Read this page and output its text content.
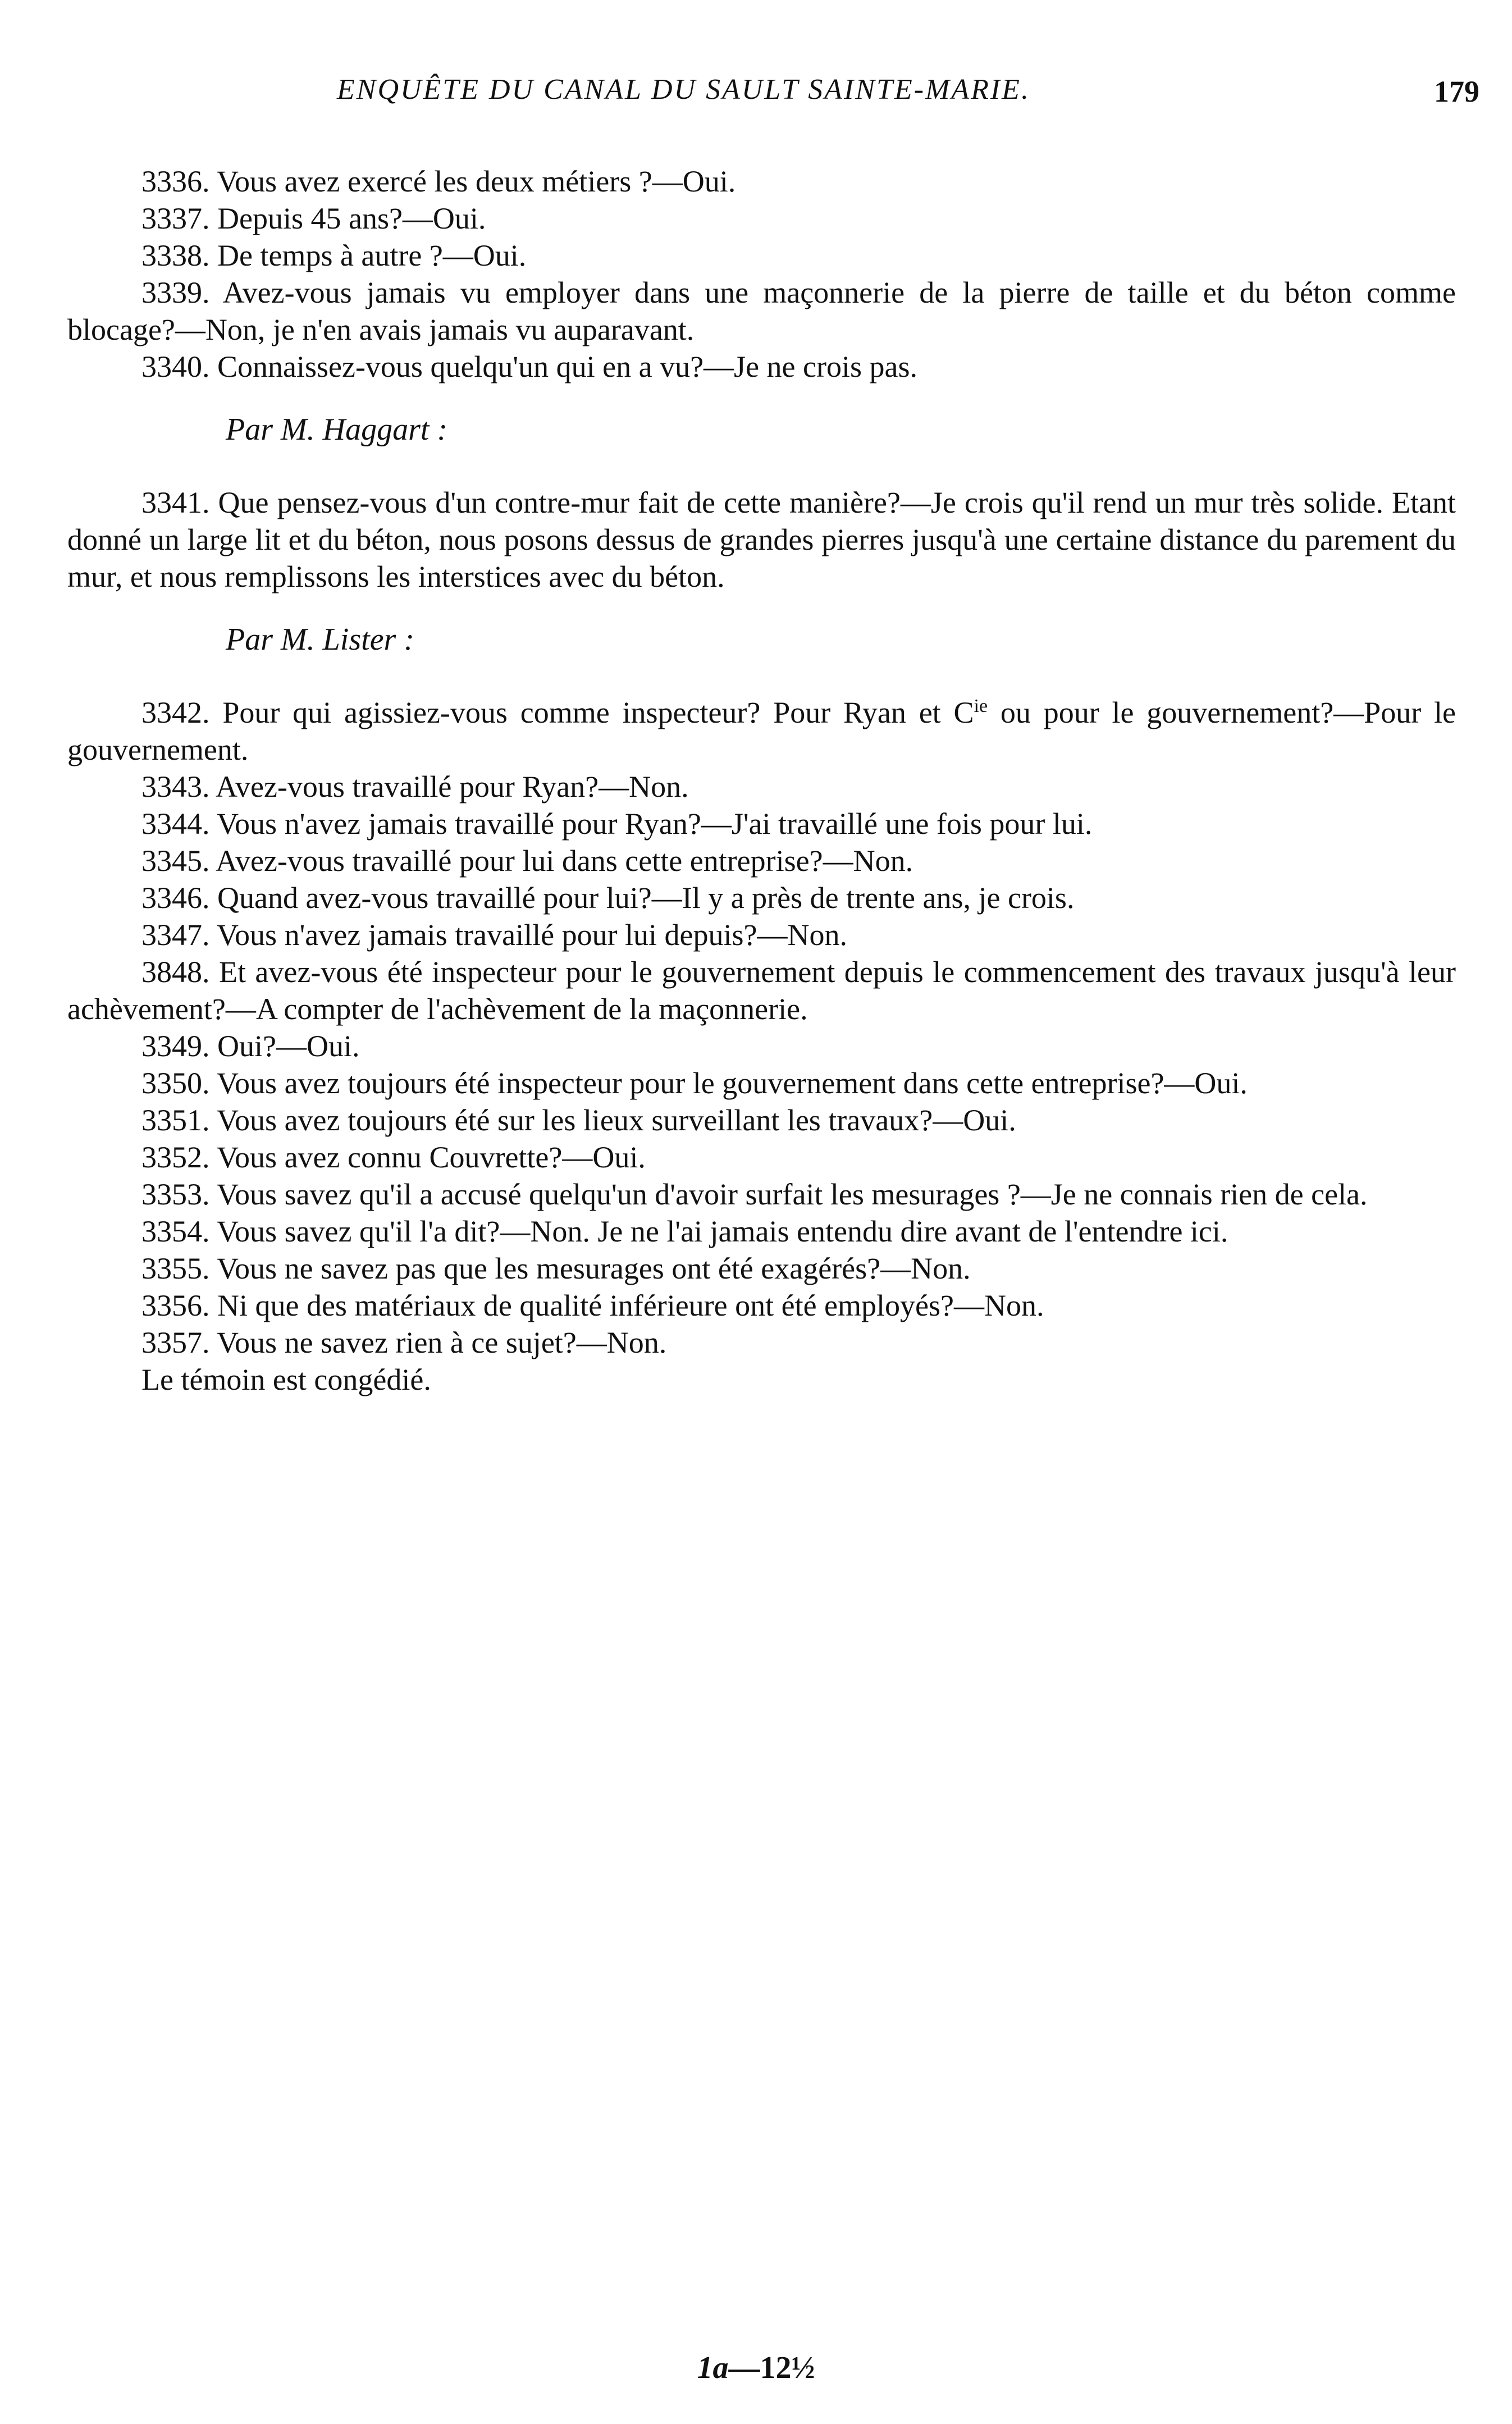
ENQUÊTE DU CANAL DU SAULT SAINTE-MARIE.	179

3336. Vous avez exercé les deux métiers ?—Oui.

3337. Depuis 45 ans?—Oui.

3338. De temps à autre ?—Oui.

3339. Avez-vous jamais vu employer dans une maçonnerie de la pierre de taille et du béton comme blocage?—Non, je n'en avais jamais vu auparavant.

3340. Connaissez-vous quelqu'un qui en a vu?—Je ne crois pas.

Par M. Haggart :

3341. Que pensez-vous d'un contre-mur fait de cette manière?—Je crois qu'il rend un mur très solide. Etant donné un large lit et du béton, nous posons dessus de grandes pierres jusqu'à une certaine distance du parement du mur, et nous remplissons les interstices avec du béton.

Par M. Lister :

3342. Pour qui agissiez-vous comme inspecteur? Pour Ryan et $C^{ie}$ ou pour le gouvernement?—Pour le gouvernement.

3343. Avez-vous travaillé pour Ryan?—Non.

3344. Vous n'avez jamais travaillé pour Ryan?—J'ai travaillé une fois pour lui.

3345. Avez-vous travaillé pour lui dans cette entreprise?—Non.

3346. Quand avez-vous travaillé pour lui?—Il y a près de trente ans, je crois.

3347. Vous n'avez jamais travaillé pour lui depuis?—Non.

3848. Et avez-vous été inspecteur pour le gouvernement depuis le commencement des travaux jusqu'à leur achèvement?—A compter de l'achèvement de la maçonnerie.

3349. Oui?—Oui.

3350. Vous avez toujours été inspecteur pour le gouvernement dans cette entreprise?—Oui.

3351. Vous avez toujours été sur les lieux surveillant les travaux?—Oui.

3352. Vous avez connu Couvrette?—Oui.

3353. Vous savez qu'il a accusé quelqu'un d'avoir surfait les mesurages ?—Je ne connais rien de cela.

3354. Vous savez qu'il l'a dit?—Non. Je ne l'ai jamais entendu dire avant de l'entendre ici.

3355. Vous ne savez pas que les mesurages ont été exagérés?—Non.

3356. Ni que des matériaux de qualité inférieure ont été employés?—Non.

3357. Vous ne savez rien à ce sujet?—Non.

Le témoin est congédié.

1a—12½
